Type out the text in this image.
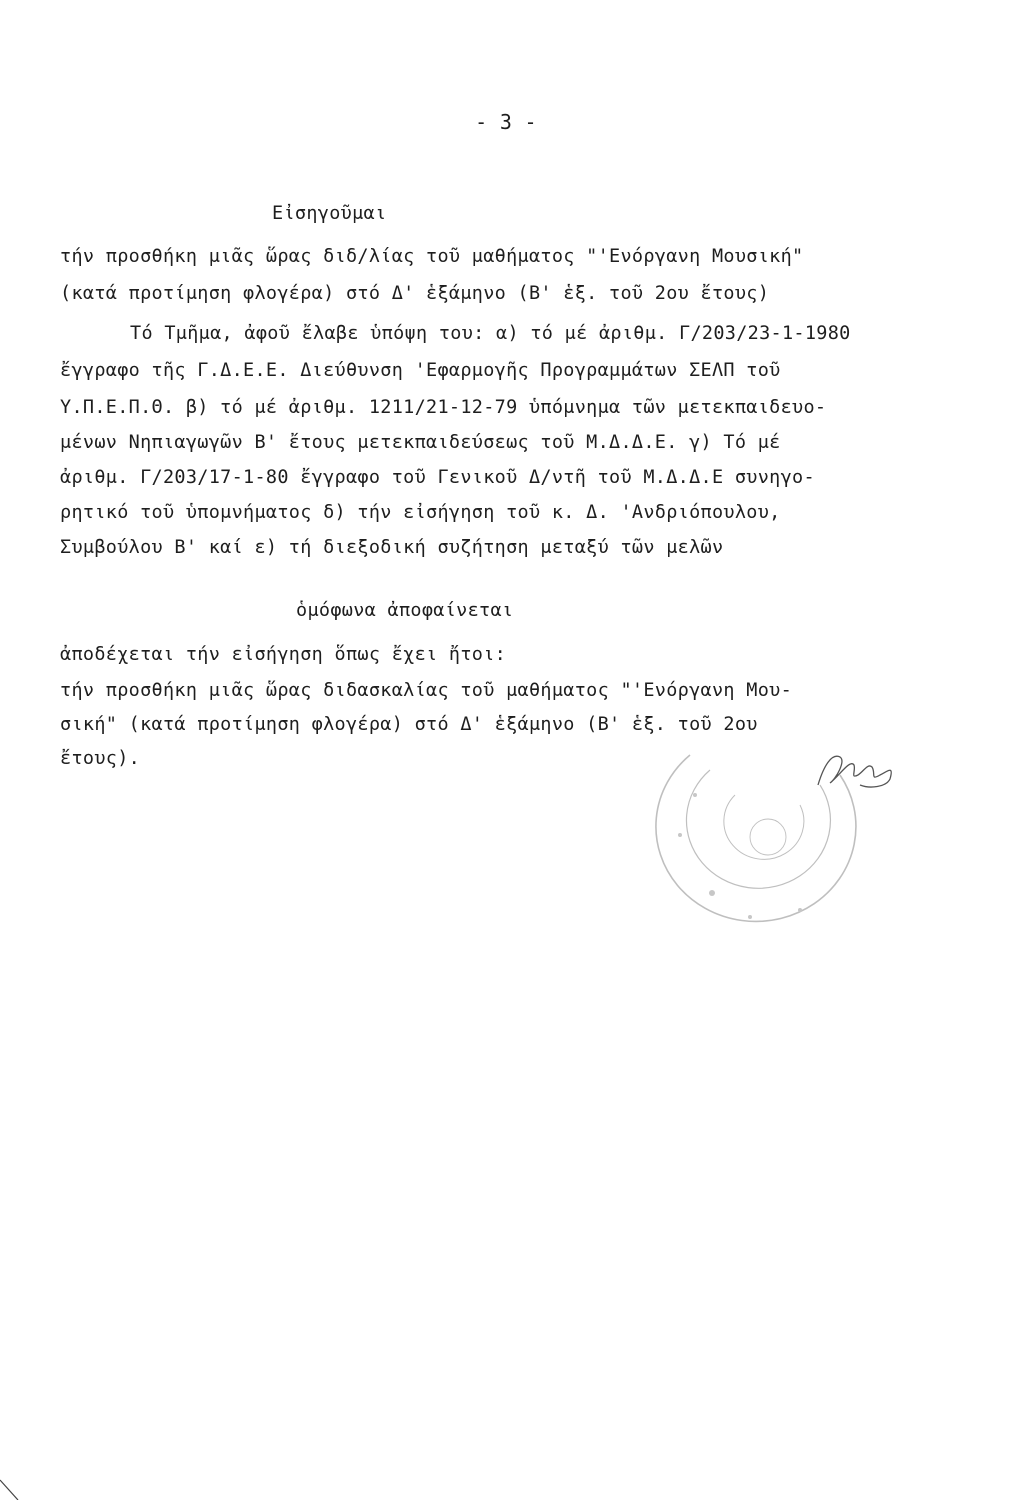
- 3 -
Εἰσηγοῦμαι
τήν προσθήκη μιᾶς ὥρας διδ/λίας τοῦ μαθήματος "'Ενόργανη Μουσική"
(κατά προτίμηση φλογέρα) στό Δ' ἑξάμηνο (Β' ἑξ. τοῦ 2ου ἔτους)
Τό Τμῆμα, ἀφοῦ ἔλαβε ὑπόψη του: α) τό μέ ἀριθμ. Γ/203/23-1-1980
ἔγγραφο τῆς Γ.Δ.Ε.Ε. Διεύθυνση 'Εφαρμογῆς Προγραμμάτων ΣΕΛΠ τοῦ
Υ.Π.Ε.Π.Θ. β) τό μέ ἀριθμ. 1211/21-12-79 ὑπόμνημα τῶν μετεκπαιδευο-
μένων Νηπιαγωγῶν Β' ἔτους μετεκπαιδεύσεως τοῦ Μ.Δ.Δ.Ε. γ) Τό μέ
ἀριθμ. Γ/203/17-1-80 ἔγγραφο τοῦ Γενικοῦ Δ/ντῆ τοῦ Μ.Δ.Δ.Ε συνηγο-
ρητικό τοῦ ὑπομνήματος δ) τήν εἰσήγηση τοῦ κ. Δ. 'Ανδριόπουλου,
Συμβούλου Β' καί ε) τή διεξοδική συζήτηση μεταξύ τῶν μελῶν
ὁμόφωνα ἀποφαίνεται
ἀποδέχεται τήν εἰσήγηση ὅπως ἔχει ἤτοι:
τήν προσθήκη μιᾶς ὥρας διδασκαλίας τοῦ μαθήματος "'Ενόργανη Μου-
σική" (κατά προτίμηση φλογέρα) στό Δ' ἑξάμηνο (Β' ἑξ. τοῦ 2ου
ἔτους).
